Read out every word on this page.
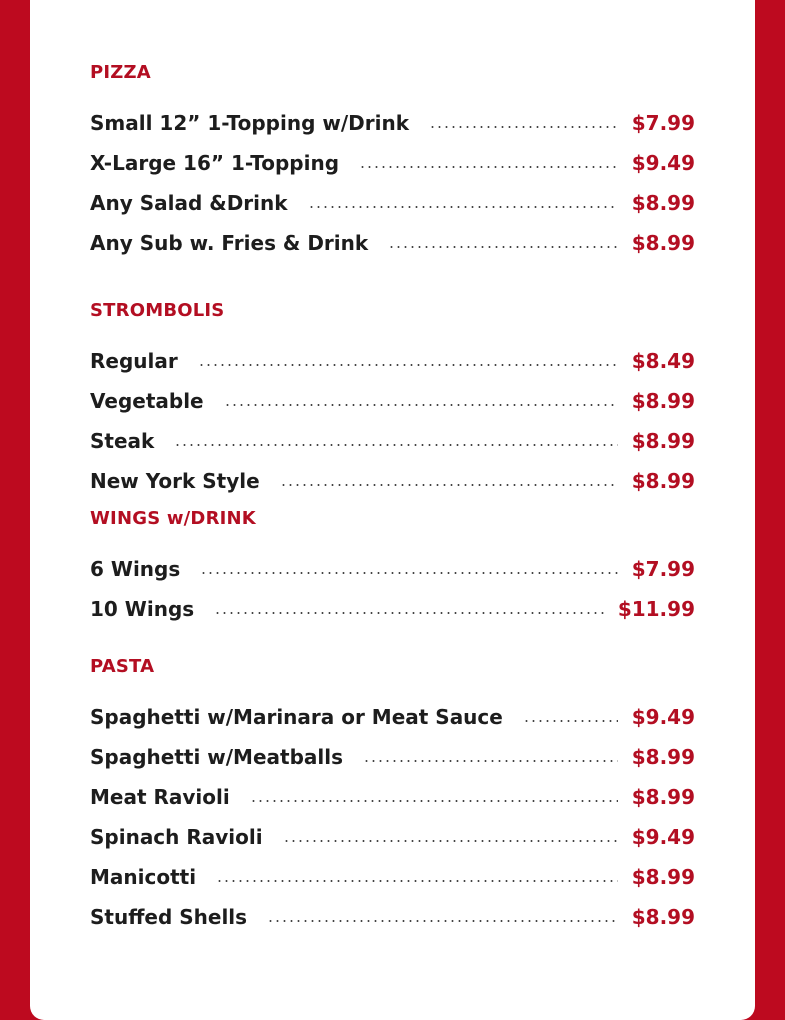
PIZZA
Small 12” 1-Topping w/Drink	$7.99
X-Large 16” 1-Topping	$9.49
Any Salad &Drink	$8.99
Any Sub w. Fries & Drink	$8.99
STROMBOLIS
Regular	$8.49
Vegetable	$8.99
Steak	$8.99
New York Style	$8.99
WINGS w/DRINK
6 Wings	$7.99
10 Wings	$11.99
PASTA
Spaghetti w/Marinara or Meat Sauce	$9.49
Spaghetti w/Meatballs	$8.99
Meat Ravioli	$8.99
Spinach Ravioli	$9.49
Manicotti	$8.99
Stuffed Shells	$8.99
